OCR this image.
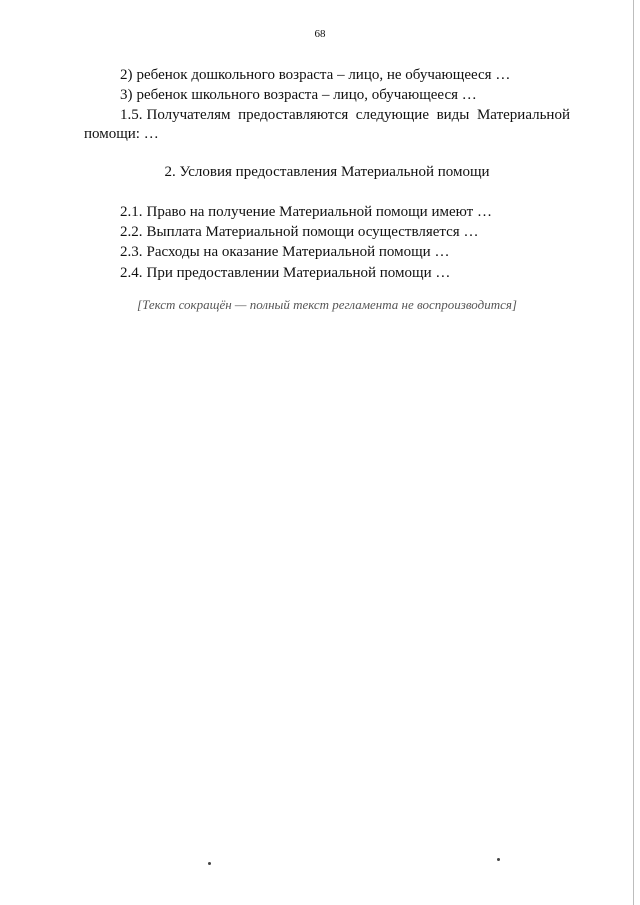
68

2) ребенок дошкольного возраста – лицо, не обучающееся …

3) ребенок школьного возраста – лицо, обучающееся …

1.5. Получателям предоставляются следующие виды Материальной помощи: …

2. Условия предоставления Материальной помощи

2.1. Право на получение Материальной помощи имеют …

2.2. Выплата Материальной помощи осуществляется …

2.3. Расходы на оказание Материальной помощи …

2.4. При предоставлении Материальной помощи …

[Текст сокращён — полный текст регламента не воспроизводится]
